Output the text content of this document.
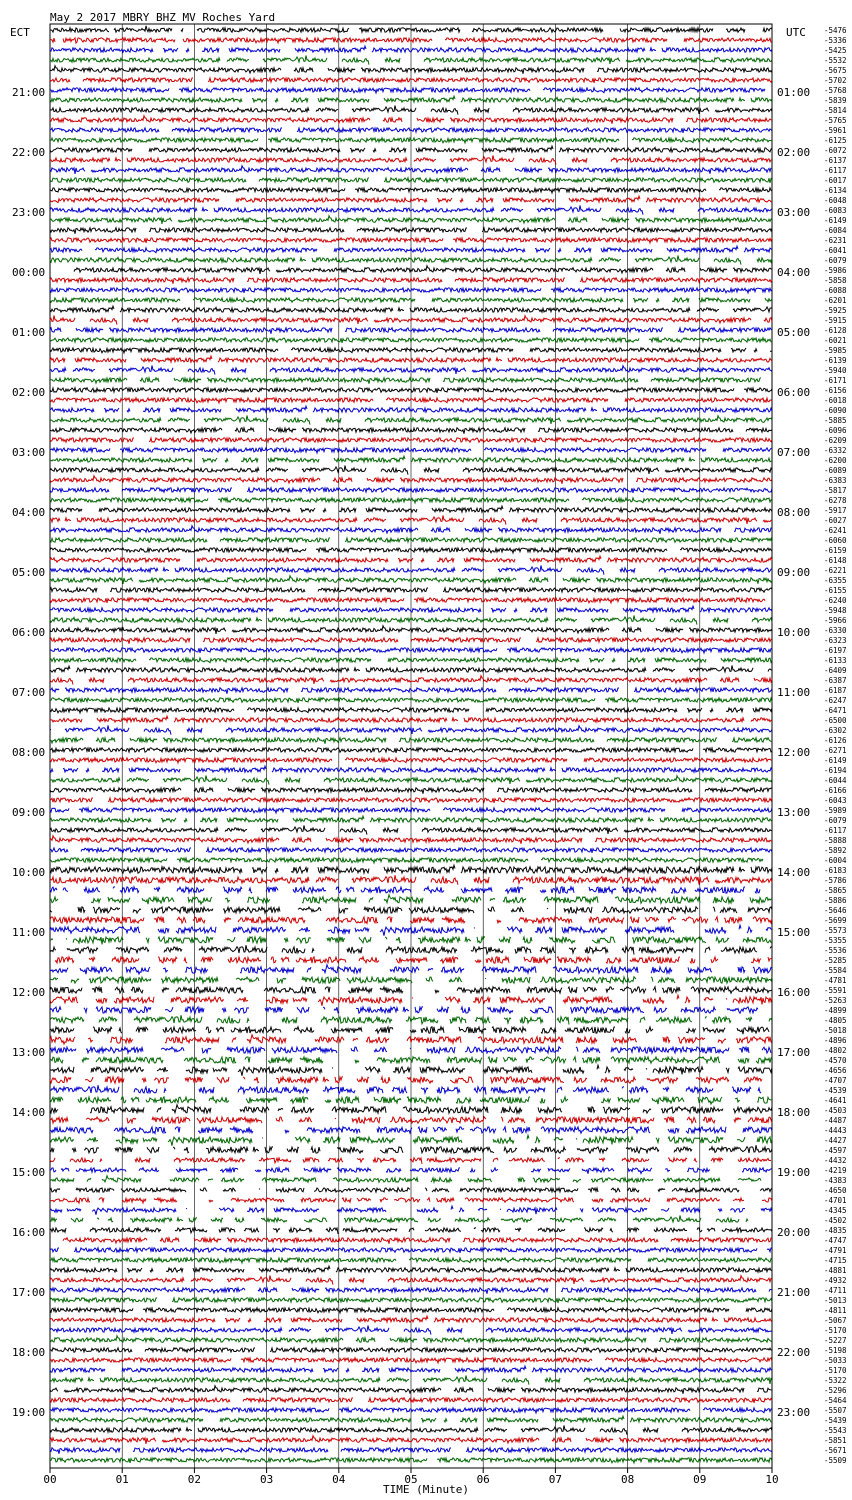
May 2 2017 MBRY BHZ MV Roches Yard
ECT	UTC
TIME (Minute)
00	01	02	03	04	05	06	07	08	09	10
-5476
-5336
-5425
-5532
-5675
-5702
-5768
-5839
-5814
-5765
-5961
-6125
-6072
-6137
-6117
-6017
-6134
-6048
-6083
-6149
-6084
-6231
-6041
-6079
-5986
-5858
-6088
-6201
-5925
-5915
-6128
-6021
-5985
-6139
-5940
-6171
-6156
-6018
-6090
-5885
-6096
-6209
-6332
-6200
-6089
-6383
-5817
-6278
-5917
-6027
-6241
-6060
-6159
-6148
-6221
-6355
-6155
-6240
-5948
-5966
-6330
-6323
-6197
-6133
-6409
-6387
-6187
-6247
-6471
-6500
-6302
-6126
-6271
-6149
-6194
-6044
-6166
-6043
-5989
-6079
-6117
-5888
-5892
-6004
-6183
-5786
-5865
-5886
-5646
-5699
-5573
-5355
-5536
-5285
-5584
-4781
-5591
-5263
-4899
-4805
-5018
-4896
-4802
-4570
-4656
-4707
-4539
-4641
-4503
-4487
-4443
-4427
-4597
-4432
-4219
-4383
-4650
-4701
-4345
-4502
-4835
-4747
-4791
-4715
-4881
-4932
-4711
-5013
-4811
-5067
-5170
-5227
-5198
-5033
-5170
-5322
-5296
-5464
-5507
-5439
-5543
-5851
-5671
-5509
21:00
22:00
23:00
00:00
01:00
02:00
03:00
04:00
05:00
06:00
07:00
08:00
09:00
10:00
11:00
12:00
13:00
14:00
15:00
16:00
17:00
18:00
19:00
01:00
02:00
03:00
04:00
05:00
06:00
07:00
08:00
09:00
10:00
11:00
12:00
13:00
14:00
15:00
16:00
17:00
18:00
19:00
20:00
21:00
22:00
23:00
